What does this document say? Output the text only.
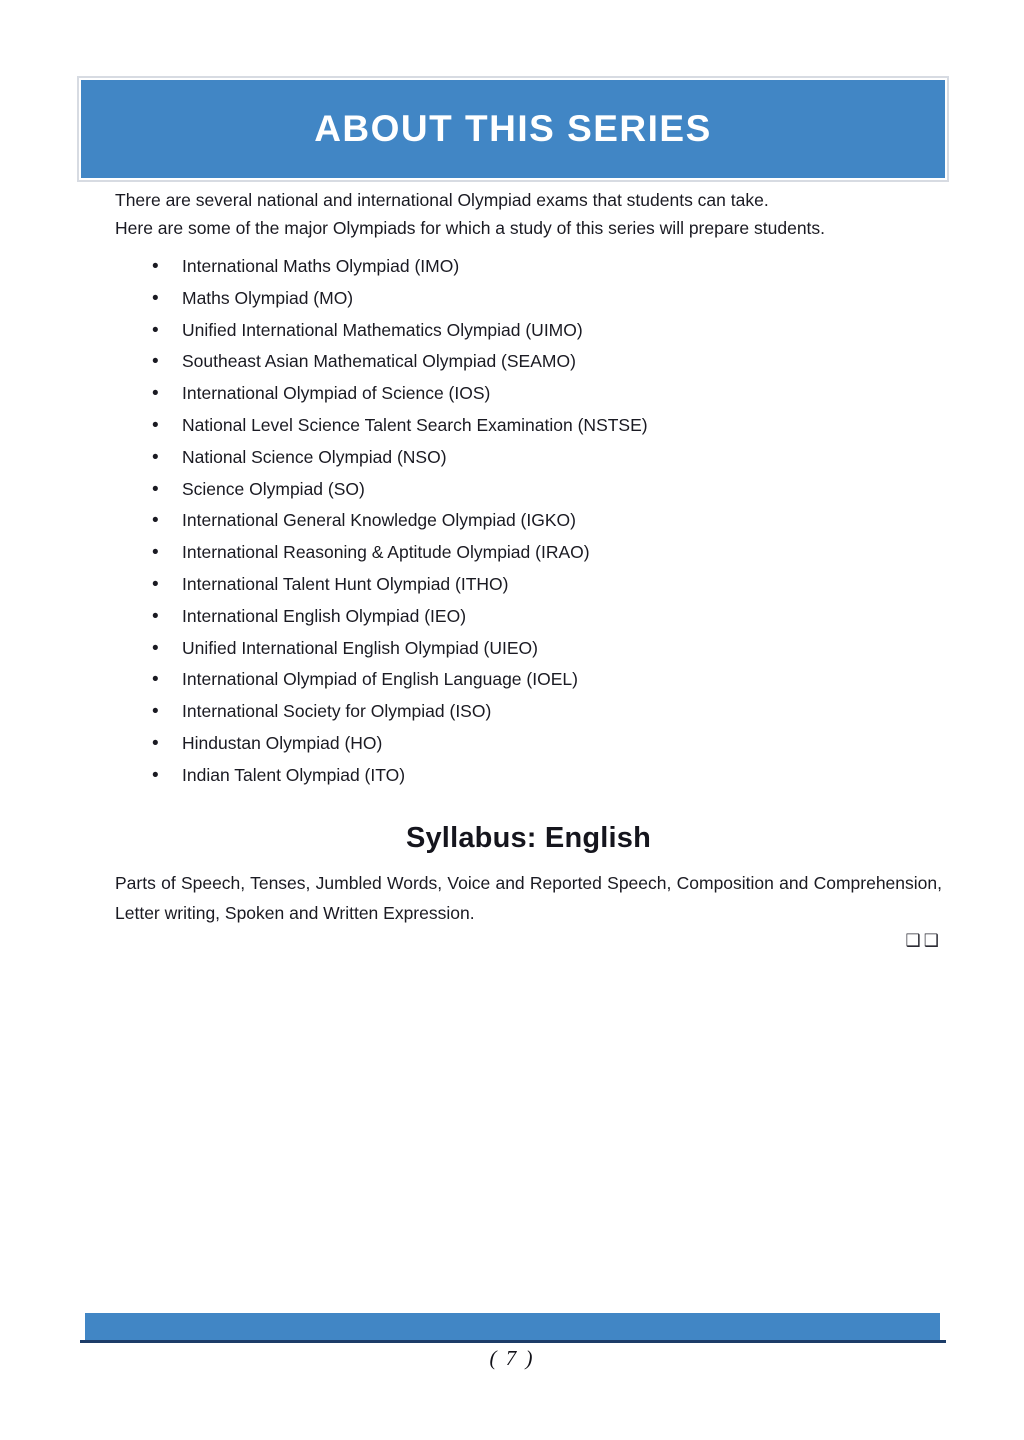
ABOUT THIS SERIES

There are several national and international Olympiad exams that students can take.

Here are some of the major Olympiads for which a study of this series will prepare students.

•
International Maths Olympiad (IMO)
•
Maths Olympiad (MO)
•
Unified International Mathematics Olympiad (UIMO)
•
Southeast Asian Mathematical Olympiad (SEAMO)
•
International Olympiad of Science (IOS)
•
National Level Science Talent Search Examination (NSTSE)
•
National Science Olympiad (NSO)
•
Science Olympiad (SO)
•
International General Knowledge Olympiad (IGKO)
•
International Reasoning & Aptitude Olympiad (IRAO)
•
International Talent Hunt Olympiad (ITHO)
•
International English Olympiad (IEO)
•
Unified International English Olympiad (UIEO)
•
International Olympiad of English Language (IOEL)
•
International Society for Olympiad (ISO)
•
Hindustan Olympiad (HO)
•
Indian Talent Olympiad (ITO)
Syllabus: English

Parts of Speech, Tenses, Jumbled Words, Voice and Reported Speech, Composition and Comprehension, Letter writing, Spoken and Written Expression.

❑❑
( 7 )
